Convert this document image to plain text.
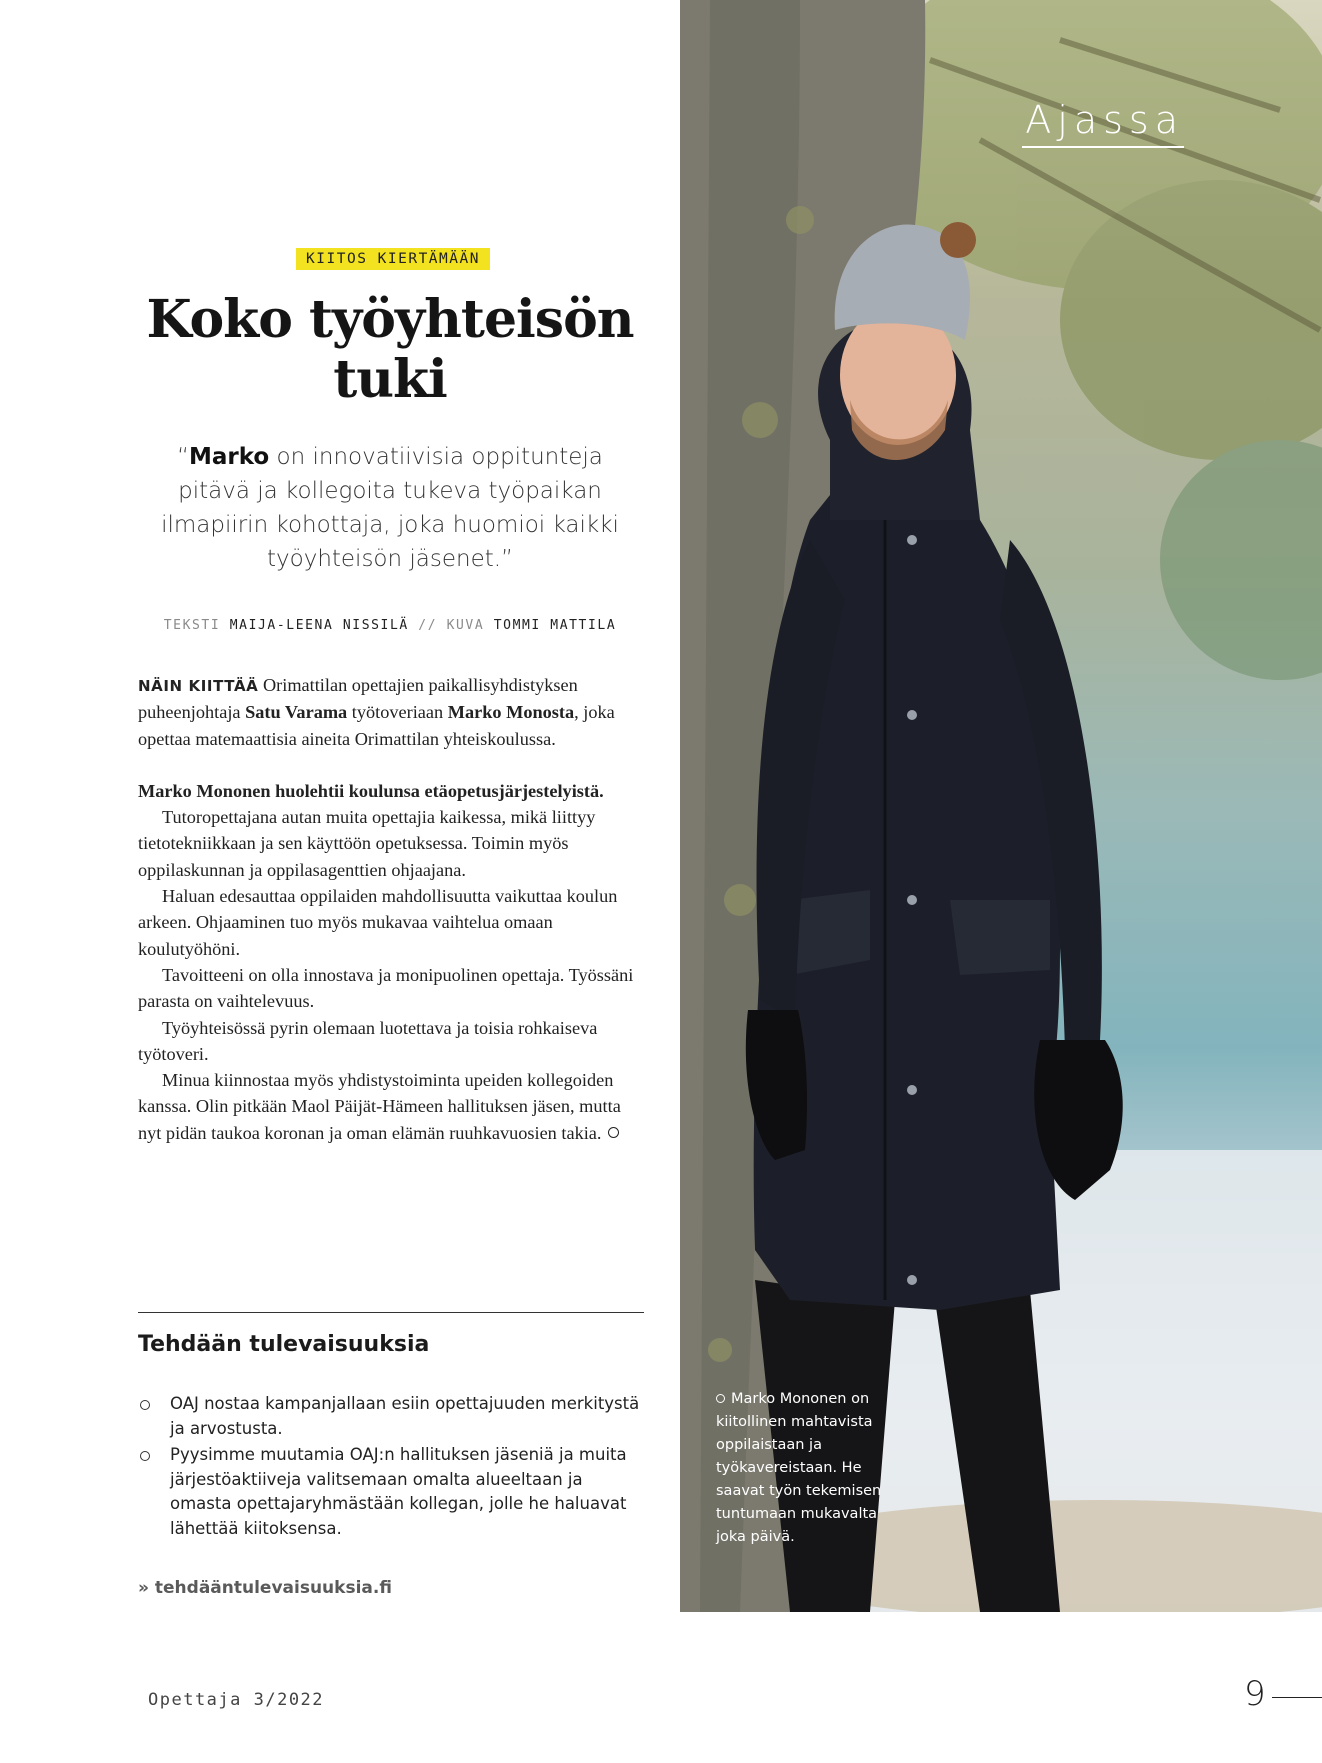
KIITOS KIERTÄMÄÄN
Koko työyhteisön tuki

“Marko on innovatiivisia oppitunteja pitävä ja kollegoita tukeva työpaikan ilmapiirin kohottaja, joka huomioi kaikki työyhteisön jäsenet.”

TEKSTI MAIJA-LEENA NISSILÄ // KUVA TOMMI MATTILA

NÄIN KIITTÄÄ Orimattilan opettajien paikallisyhdistyksen puheenjohtaja Satu Varama työtoveriaan Marko Monosta, joka opettaa matemaattisia aineita Orimattilan yhteiskoulussa.

Marko Mononen huolehtii koulunsa etäopetusjärjestelyistä.

Tutoropettajana autan muita opettajia kaikessa, mikä liittyy tietotekniikkaan ja sen käyttöön opetuksessa. Toimin myös oppilaskunnan ja oppilasagenttien ohjaajana.

Haluan edesauttaa oppilaiden mahdollisuutta vaikuttaa koulun arkeen. Ohjaaminen tuo myös mukavaa vaihtelua omaan koulutyöhöni.

Tavoitteeni on olla innostava ja monipuolinen opettaja. Työssäni parasta on vaihtelevuus.

Työyhteisössä pyrin olemaan luotettava ja toisia rohkaiseva työtoveri.

Minua kiinnostaa myös yhdistystoiminta upeiden kollegoiden kanssa. Olin pitkään Maol Päijät-Hämeen hallituksen jäsen, mutta nyt pidän taukoa koronan ja oman elämän ruuhkavuosien takia.

Tehdään tulevaisuuksia
OAJ nostaa kampanjallaan esiin opettajuuden merkitystä ja arvostusta.
Pyysimme muutamia OAJ:n hallituksen jäseniä ja muita järjestöaktiiveja valitsemaan omalta alueeltaan ja omasta opettajaryhmästään kollegan, jolle he haluavat lähettää kiitoksensa.
» tehdääntulevaisuuksia.fi
Opettaja 3/2022
Ajassa
Marko Mononen on kiitollinen mahtavista oppilaistaan ja työkavereistaan. He saavat työn tekemisen tuntumaan mukavalta joka päivä.
9
